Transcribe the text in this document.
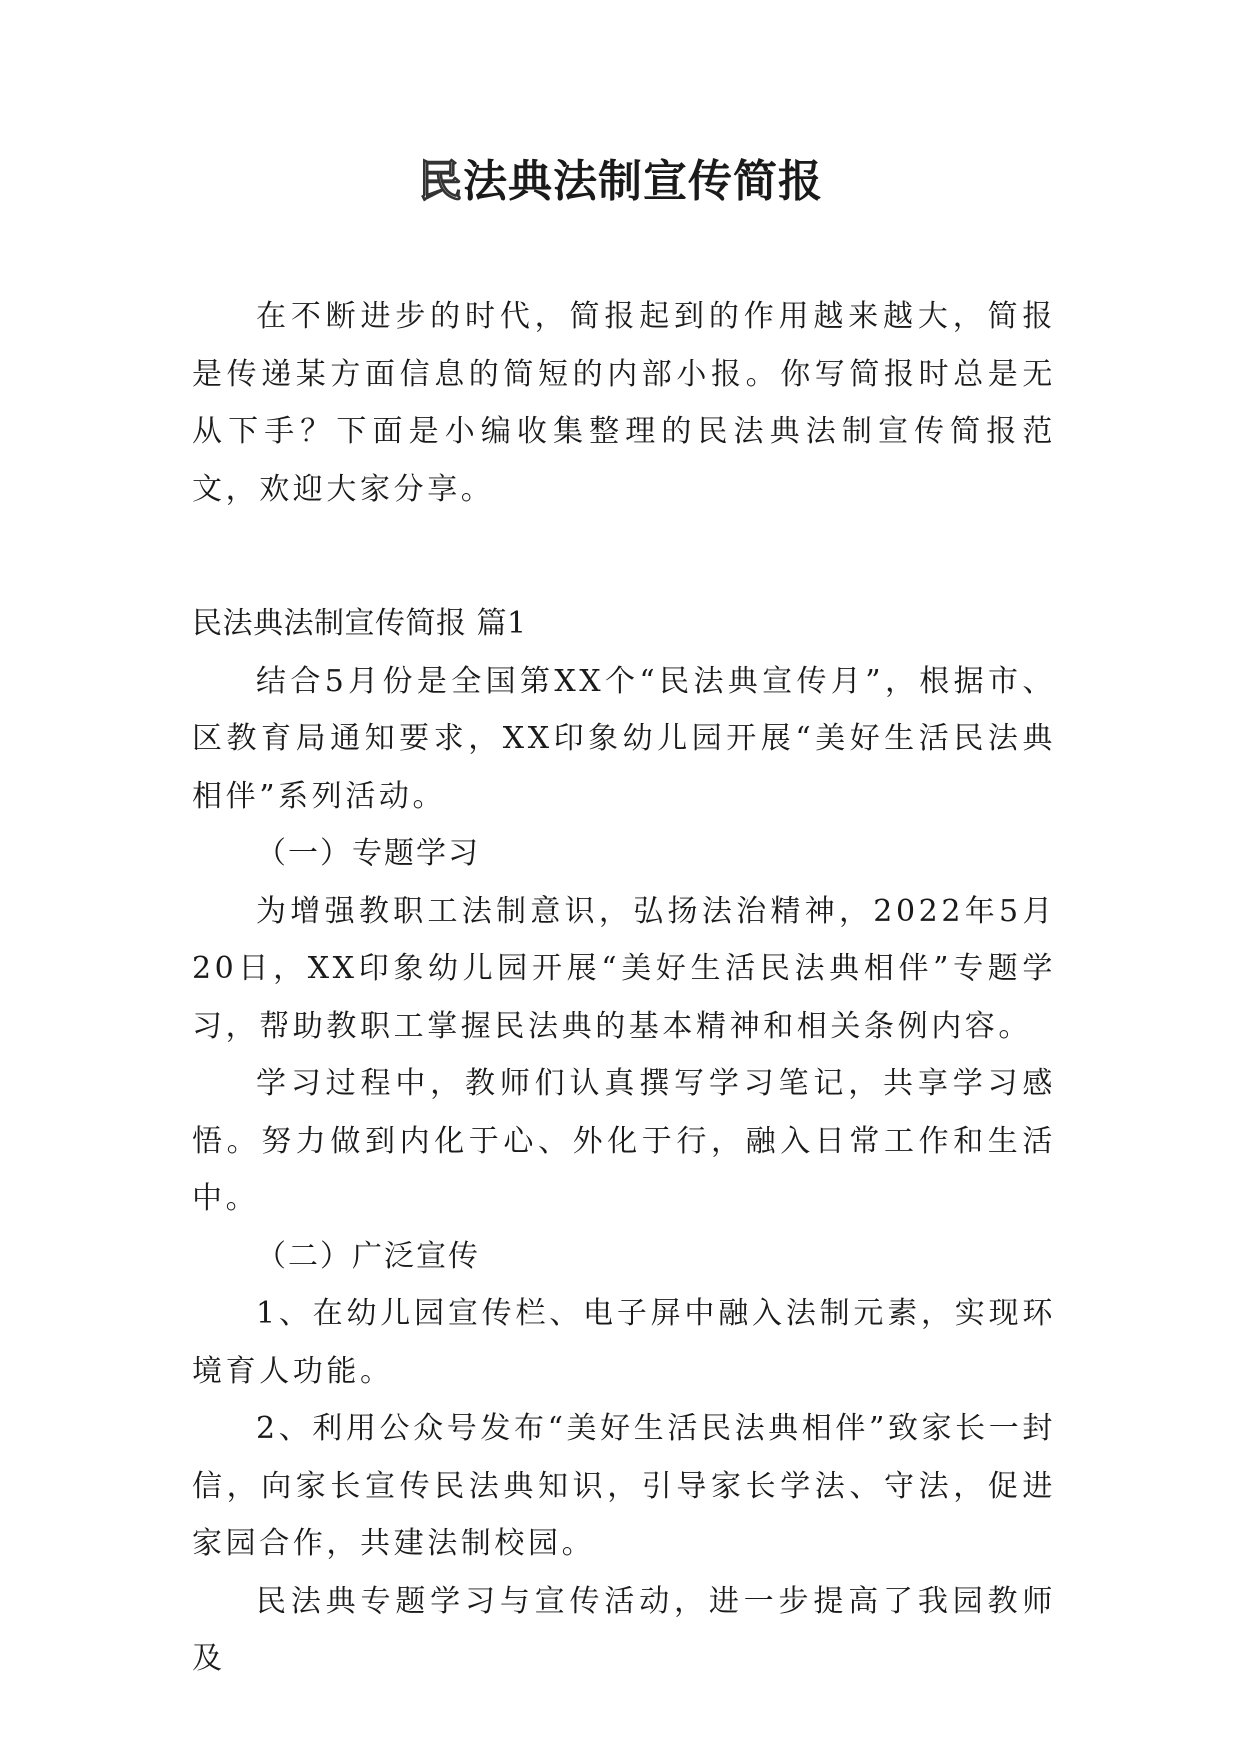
民法典法制宣传简报

在不断进步的时代，简报起到的作用越来越大，简报是传递某方面信息的简短的内部小报。你写简报时总是无从下手？下面是小编收集整理的民法典法制宣传简报范文，欢迎大家分享。

民法典法制宣传简报 篇1

结合5月份是全国第XX个“民法典宣传月”，根据市、区教育局通知要求，XX印象幼儿园开展“美好生活民法典相伴”系列活动。

（一）专题学习

为增强教职工法制意识，弘扬法治精神，2022年5月20日，XX印象幼儿园开展“美好生活民法典相伴”专题学习，帮助教职工掌握民法典的基本精神和相关条例内容。

学习过程中，教师们认真撰写学习笔记，共享学习感悟。努力做到内化于心、外化于行，融入日常工作和生活中。

（二）广泛宣传

1、在幼儿园宣传栏、电子屏中融入法制元素，实现环境育人功能。

2、利用公众号发布“美好生活民法典相伴”致家长一封信，向家长宣传民法典知识，引导家长学法、守法，促进家园合作，共建法制校园。

民法典专题学习与宣传活动，进一步提高了我园教师及
